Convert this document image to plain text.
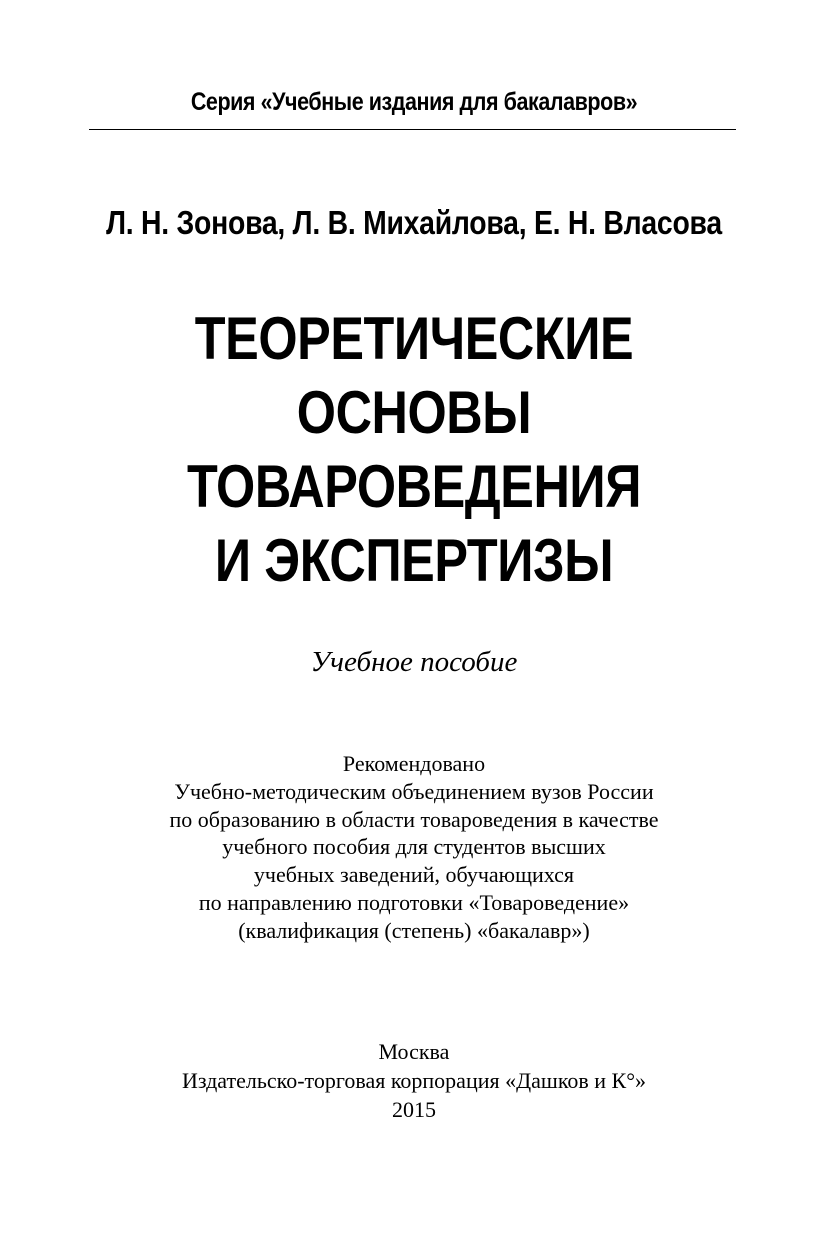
Серия «Учебные издания для бакалавров»
Л. Н. Зонова, Л. В. Михайлова, Е. Н. Власова
ТЕОРЕТИЧЕСКИЕ
ОСНОВЫ
ТОВАРОВЕДЕНИЯ
И ЭКСПЕРТИЗЫ
Учебное пособие
Рекомендовано
Учебно-методическим объединением вузов России
по образованию в области товароведения в качестве
учебного пособия для студентов высших
учебных заведений, обучающихся
по направлению подготовки «Товароведение»
(квалификация (степень) «бакалавр»)
Москва
Издательско-торговая корпорация «Дашков и К°»
2015
